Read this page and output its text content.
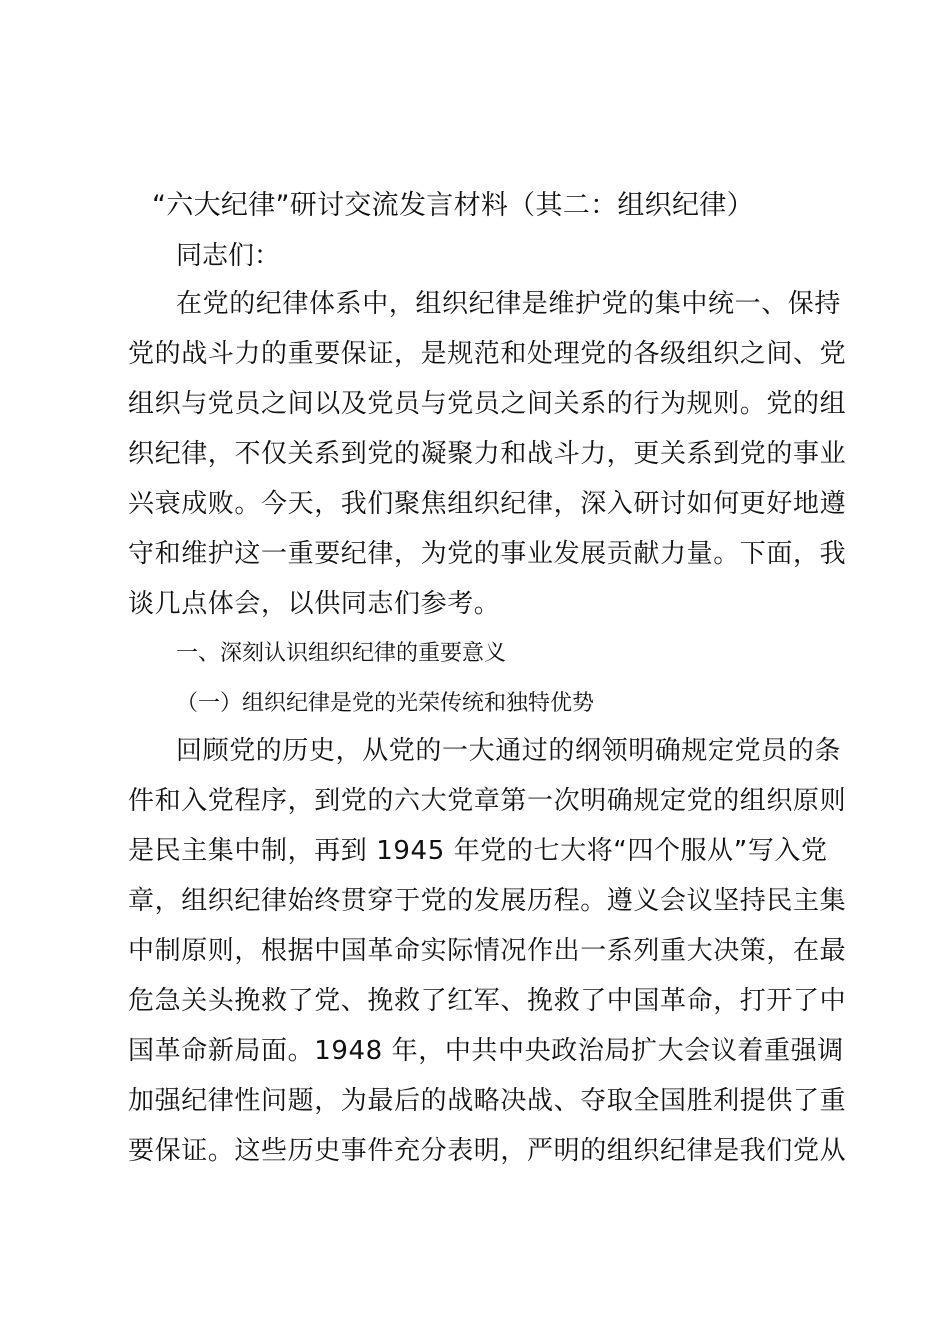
“六大纪律”研讨交流发言材料（其二：组织纪律）
同志们：
在党的纪律体系中，组织纪律是维护党的集中统一、保持
党的战斗力的重要保证，是规范和处理党的各级组织之间、党
组织与党员之间以及党员与党员之间关系的行为规则。党的组
织纪律，不仅关系到党的凝聚力和战斗力，更关系到党的事业
兴衰成败。今天，我们聚焦组织纪律，深入研讨如何更好地遵
守和维护这一重要纪律，为党的事业发展贡献力量。下面，我
谈几点体会，以供同志们参考。
一、深刻认识组织纪律的重要意义
（一）组织纪律是党的光荣传统和独特优势
回顾党的历史，从党的一大通过的纲领明确规定党员的条
件和入党程序，到党的六大党章第一次明确规定党的组织原则
是民主集中制，再到 1945 年党的七大将“四个服从”写入党
章，组织纪律始终贯穿于党的发展历程。遵义会议坚持民主集
中制原则，根据中国革命实际情况作出一系列重大决策，在最
危急关头挽救了党、挽救了红军、挽救了中国革命，打开了中
国革命新局面。1948 年，中共中央政治局扩大会议着重强调
加强纪律性问题，为最后的战略决战、夺取全国胜利提供了重
要保证。这些历史事件充分表明，严明的组织纪律是我们党从
